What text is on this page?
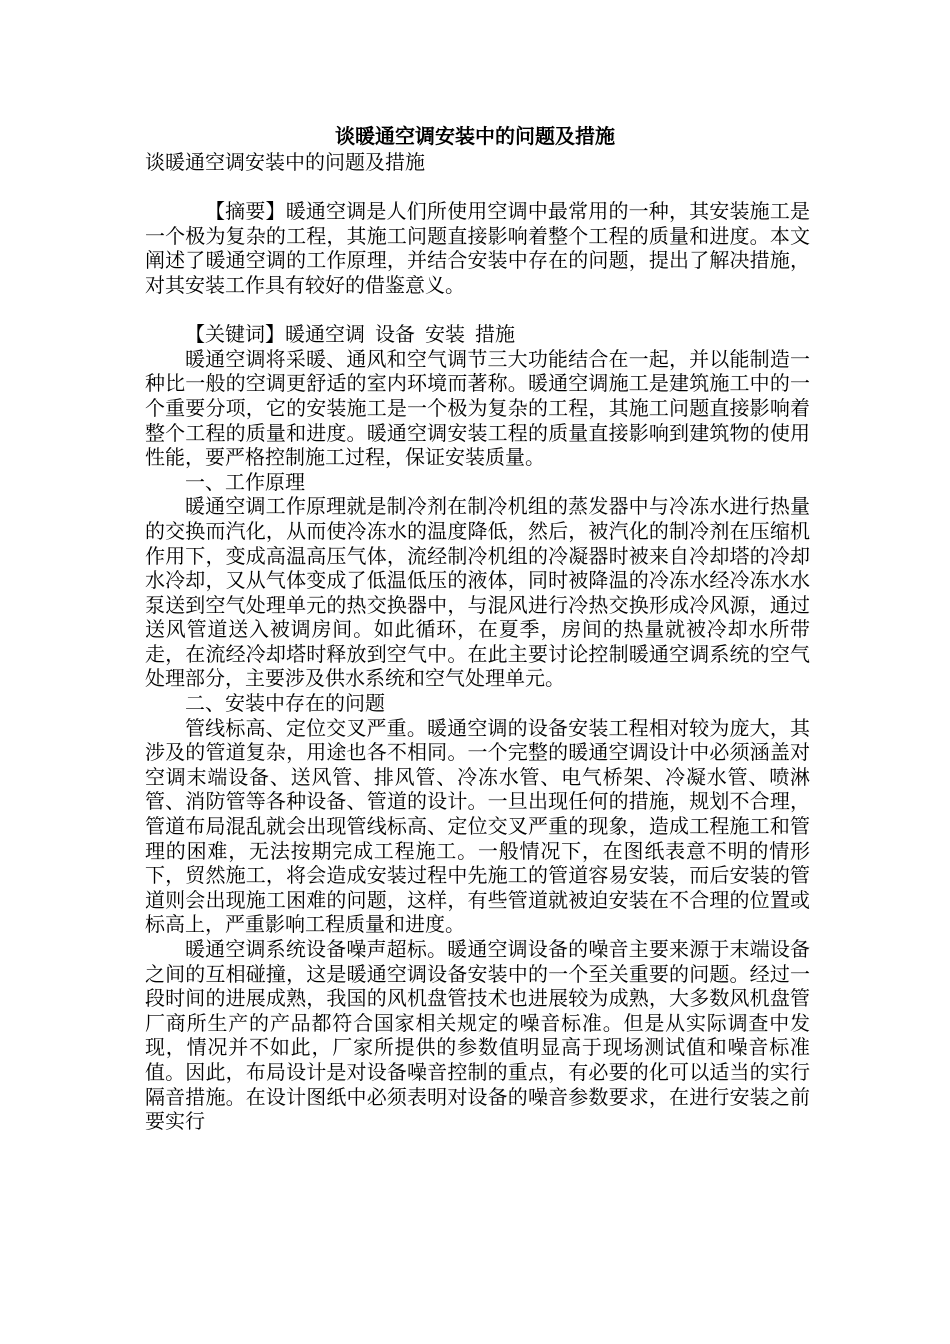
谈暖通空调安装中的问题及措施

谈暖通空调安装中的问题及措施

【摘要】暖通空调是人们所使用空调中最常用的一种，其安装施工是一个极为复杂的工程，其施工问题直接影响着整个工程的质量和进度。本文阐述了暖通空调的工作原理，并结合安装中存在的问题，提出了解决措施，对其安装工作具有较好的借鉴意义。

【关键词】暖通空调 设备 安装 措施

暖通空调将采暖、通风和空气调节三大功能结合在一起，并以能制造一种比一般的空调更舒适的室内环境而著称。暖通空调施工是建筑施工中的一个重要分项，它的安装施工是一个极为复杂的工程，其施工问题直接影响着整个工程的质量和进度。暖通空调安装工程的质量直接影响到建筑物的使用性能，要严格控制施工过程，保证安装质量。

一、工作原理

暖通空调工作原理就是制冷剂在制冷机组的蒸发器中与冷冻水进行热量的交换而汽化，从而使冷冻水的温度降低，然后，被汽化的制冷剂在压缩机作用下，变成高温高压气体，流经制冷机组的冷凝器时被来自冷却塔的冷却水冷却，又从气体变成了低温低压的液体，同时被降温的冷冻水经冷冻水水泵送到空气处理单元的热交换器中，与混风进行冷热交换形成冷风源，通过送风管道送入被调房间。如此循环，在夏季，房间的热量就被冷却水所带走，在流经冷却塔时释放到空气中。在此主要讨论控制暖通空调系统的空气处理部分，主要涉及供水系统和空气处理单元。

二、安装中存在的问题

管线标高、定位交叉严重。暖通空调的设备安装工程相对较为庞大，其涉及的管道复杂，用途也各不相同。一个完整的暖通空调设计中必须涵盖对空调末端设备、送风管、排风管、冷冻水管、电气桥架、冷凝水管、喷淋管、消防管等各种设备、管道的设计。一旦出现任何的措施，规划不合理，管道布局混乱就会出现管线标高、定位交叉严重的现象，造成工程施工和管理的困难，无法按期完成工程施工。一般情况下，在图纸表意不明的情形下，贸然施工，将会造成安装过程中先施工的管道容易安装，而后安装的管道则会出现施工困难的问题，这样，有些管道就被迫安装在不合理的位置或标高上，严重影响工程质量和进度。

暖通空调系统设备噪声超标。暖通空调设备的噪音主要来源于末端设备之间的互相碰撞，这是暖通空调设备安装中的一个至关重要的问题。经过一段时间的进展成熟，我国的风机盘管技术也进展较为成熟，大多数风机盘管厂商所生产的产品都符合国家相关规定的噪音标准。但是从实际调查中发现，情况并不如此，厂家所提供的参数值明显高于现场测试值和噪音标准值。因此，布局设计是对设备噪音控制的重点，有必要的化可以适当的实行隔音措施。在设计图纸中必须表明对设备的噪音参数要求，在进行安装之前要实行
